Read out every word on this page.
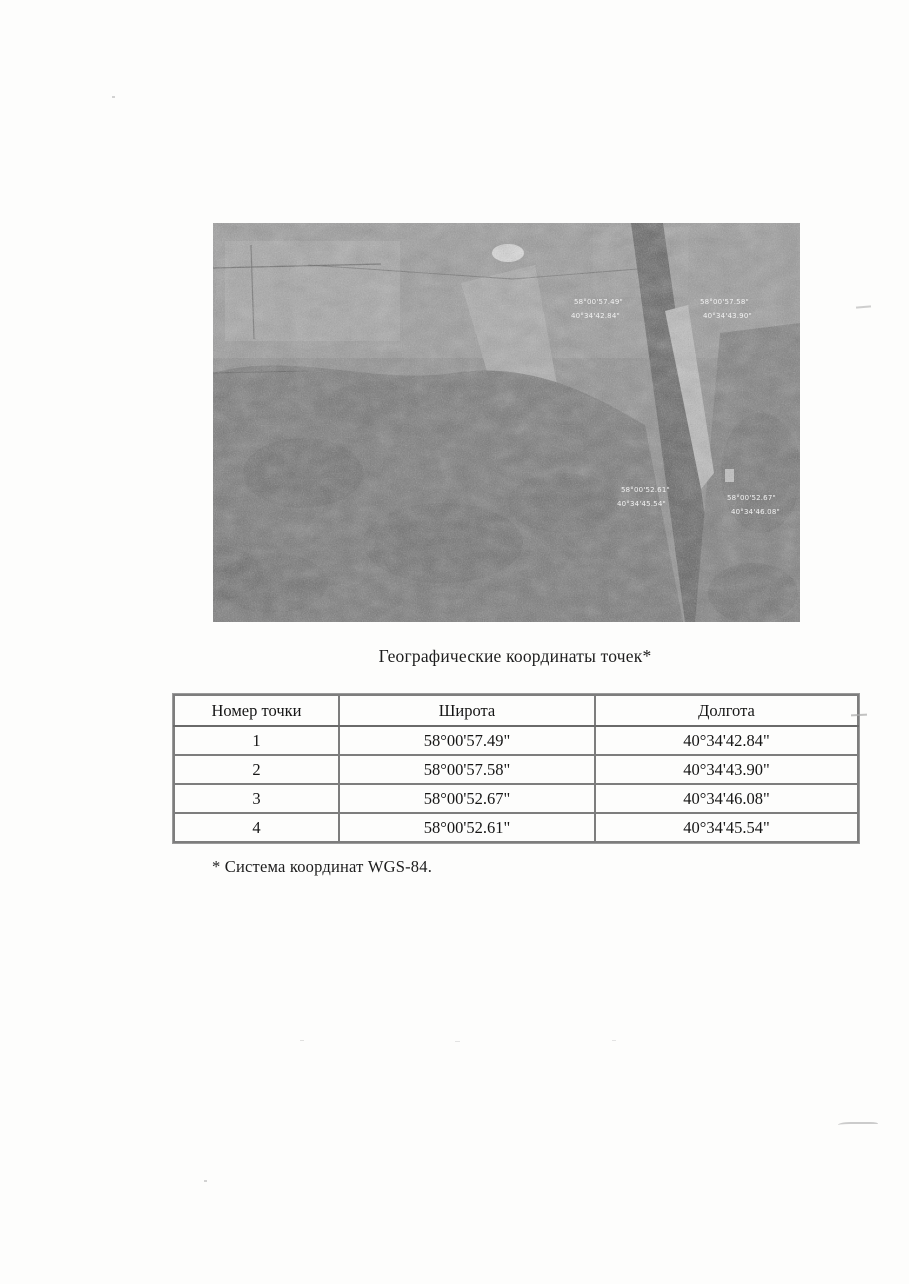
58°00'57.49"
40°34'42.84"
58°00'57.58"
40°34'43.90"
58°00'52.61"
40°34'45.54"
58°00'52.67"
40°34'46.08"
Географические координаты точек*
Номер точки	Широта	Долгота
1	58°00'57.49"	40°34'42.84"
2	58°00'57.58"	40°34'43.90"
3	58°00'52.67"	40°34'46.08"
4	58°00'52.61"	40°34'45.54"
* Система координат WGS-84.
